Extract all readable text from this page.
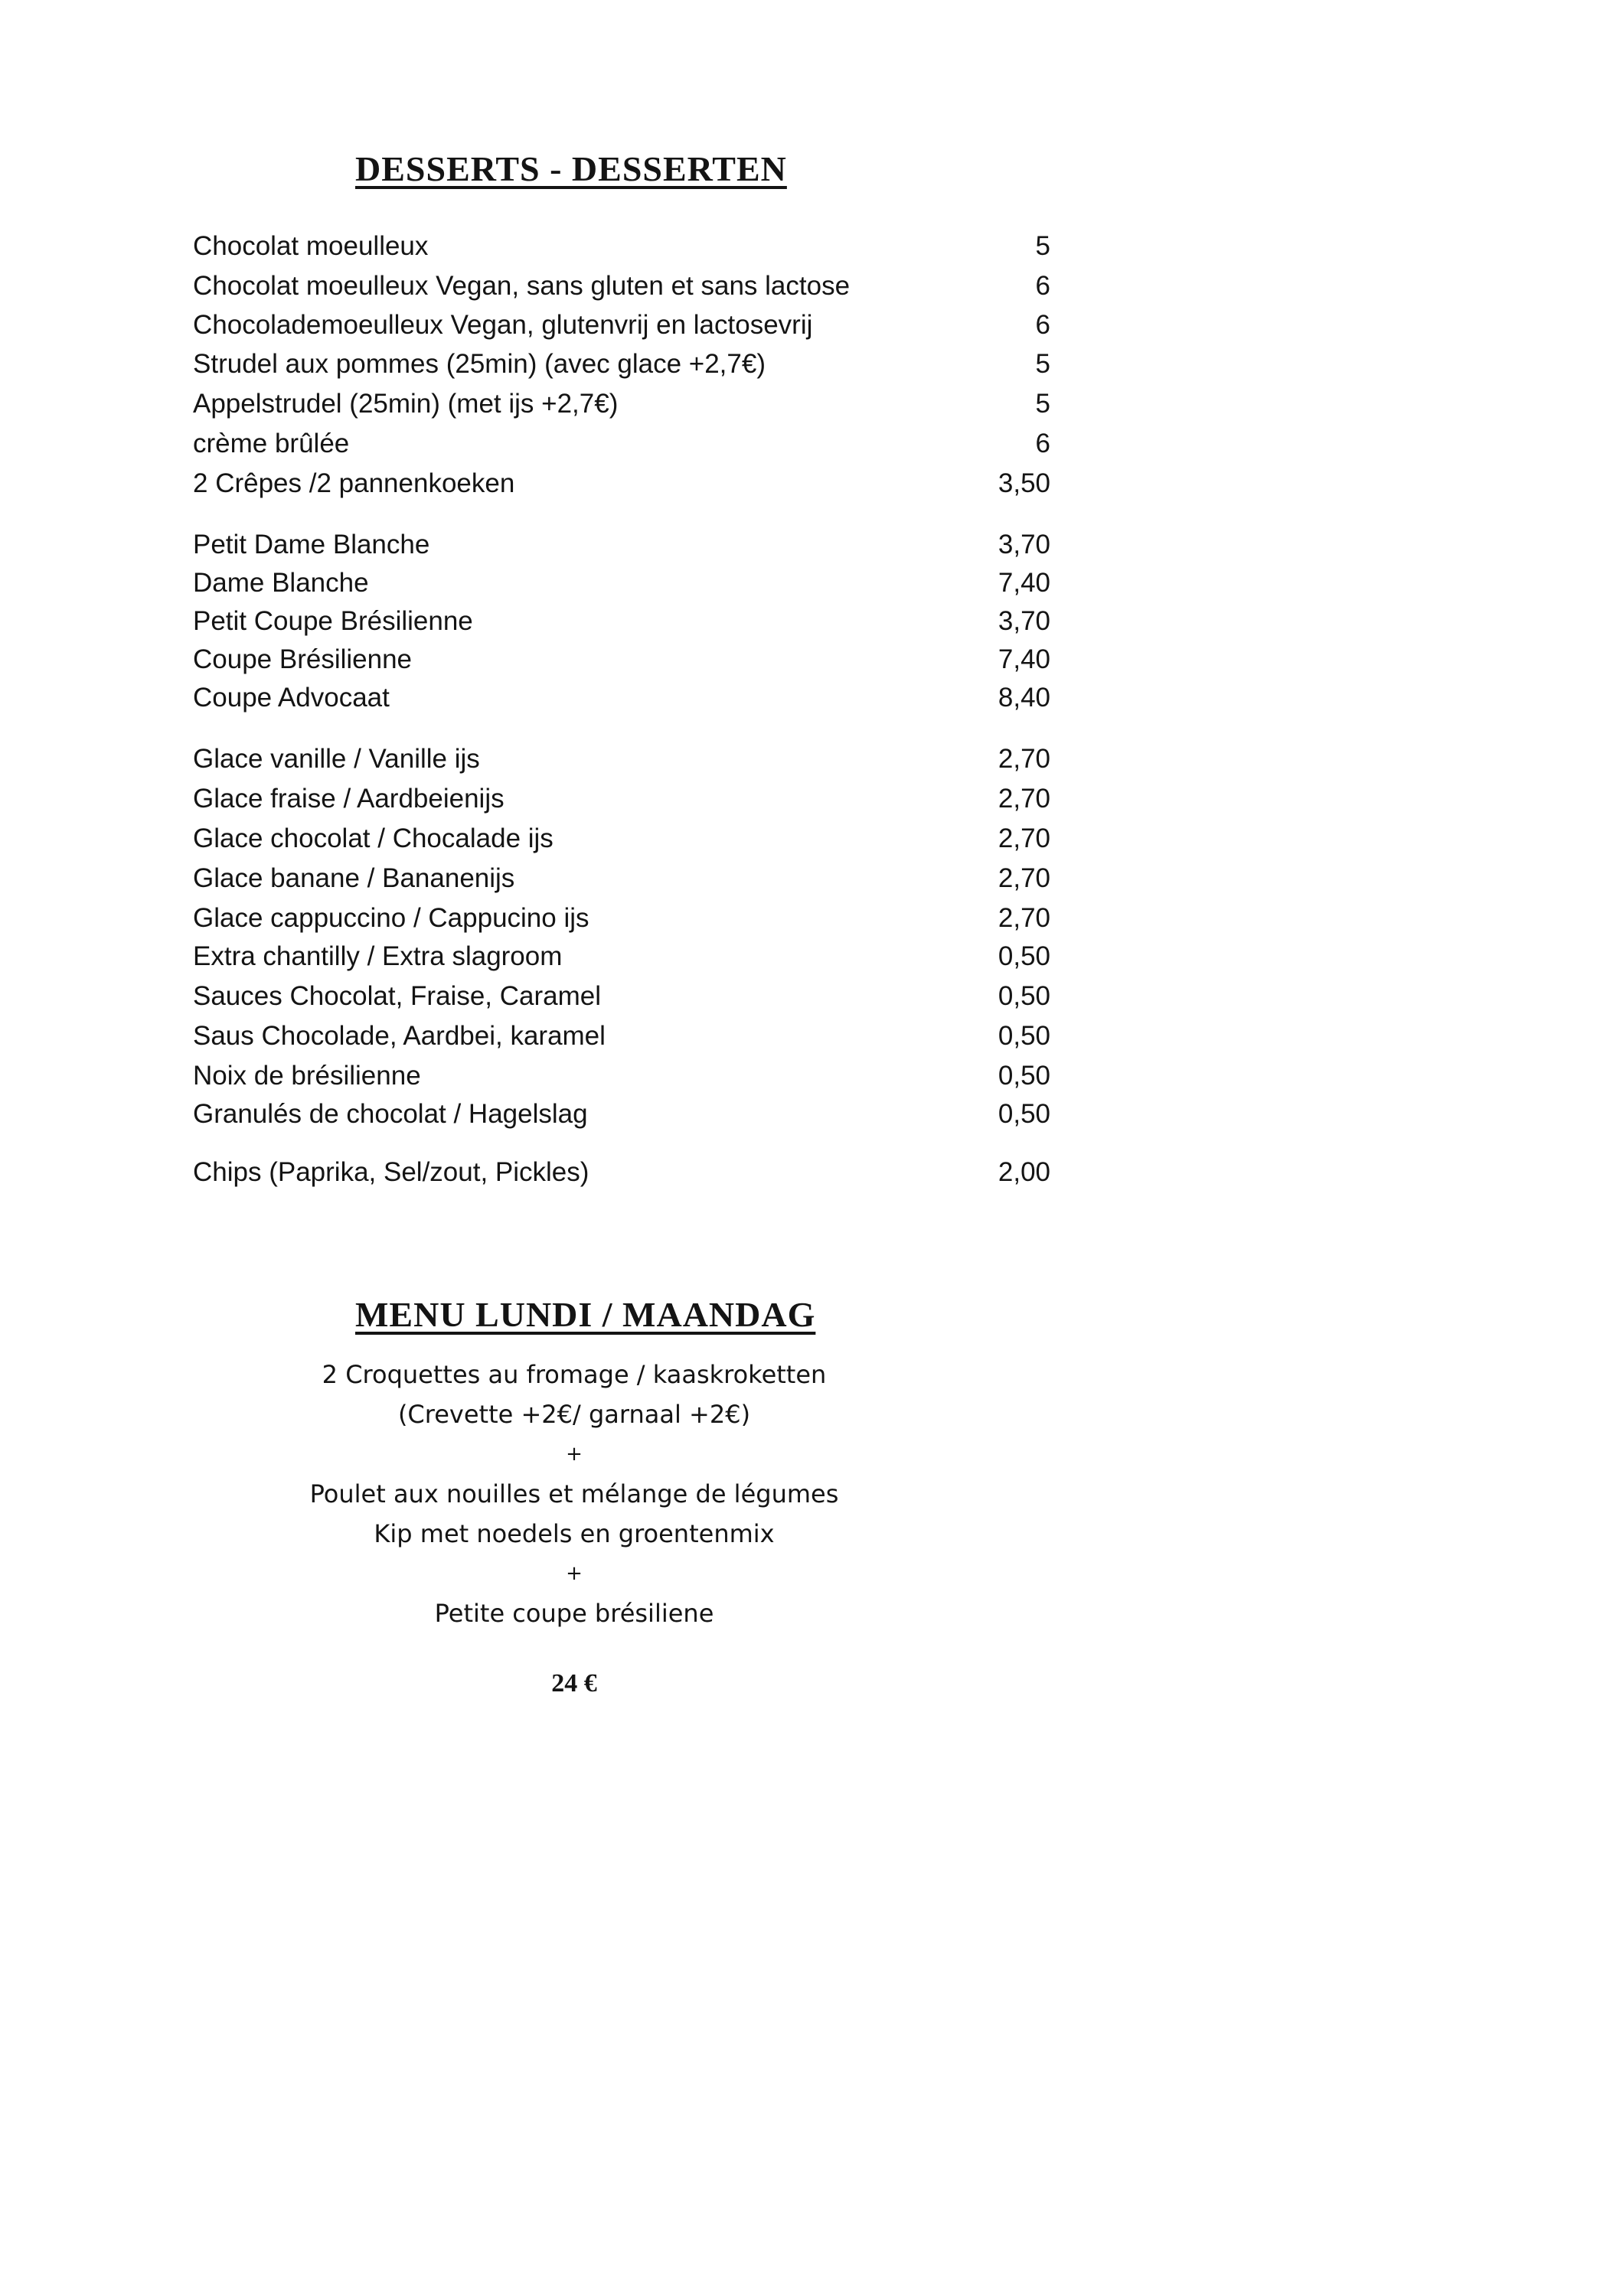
DESSERTS - DESSERTEN
Chocolat moeulleux	5
Chocolat moeulleux Vegan, sans gluten et sans lactose	6
Chocolademoeulleux Vegan, glutenvrij en lactosevrij	6
Strudel aux pommes (25min) (avec glace +2,7€)	5
Appelstrudel (25min) (met ijs +2,7€)	5
crème brûlée	6
2 Crêpes /2 pannenkoeken	3,50
Petit Dame Blanche	3,70
Dame Blanche	7,40
Petit Coupe Brésilienne	3,70
Coupe Brésilienne	7,40
Coupe Advocaat	8,40
Glace vanille / Vanille ijs	2,70
Glace fraise / Aardbeienijs	2,70
Glace chocolat / Chocalade ijs	2,70
Glace banane / Bananenijs	2,70
Glace cappuccino / Cappucino ijs	2,70
Extra chantilly / Extra slagroom	0,50
Sauces Chocolat, Fraise, Caramel	0,50
Saus Chocolade, Aardbei, karamel	0,50
Noix de brésilienne	0,50
Granulés de chocolat / Hagelslag	0,50
Chips (Paprika, Sel/zout, Pickles)	2,00
MENU LUNDI / MAANDAG
2 Croquettes au fromage / kaaskroketten
(Crevette +2€/ garnaal +2€)
+
Poulet aux nouilles et mélange de légumes
Kip met noedels en groentenmix
+
Petite coupe brésiliene
24 €
